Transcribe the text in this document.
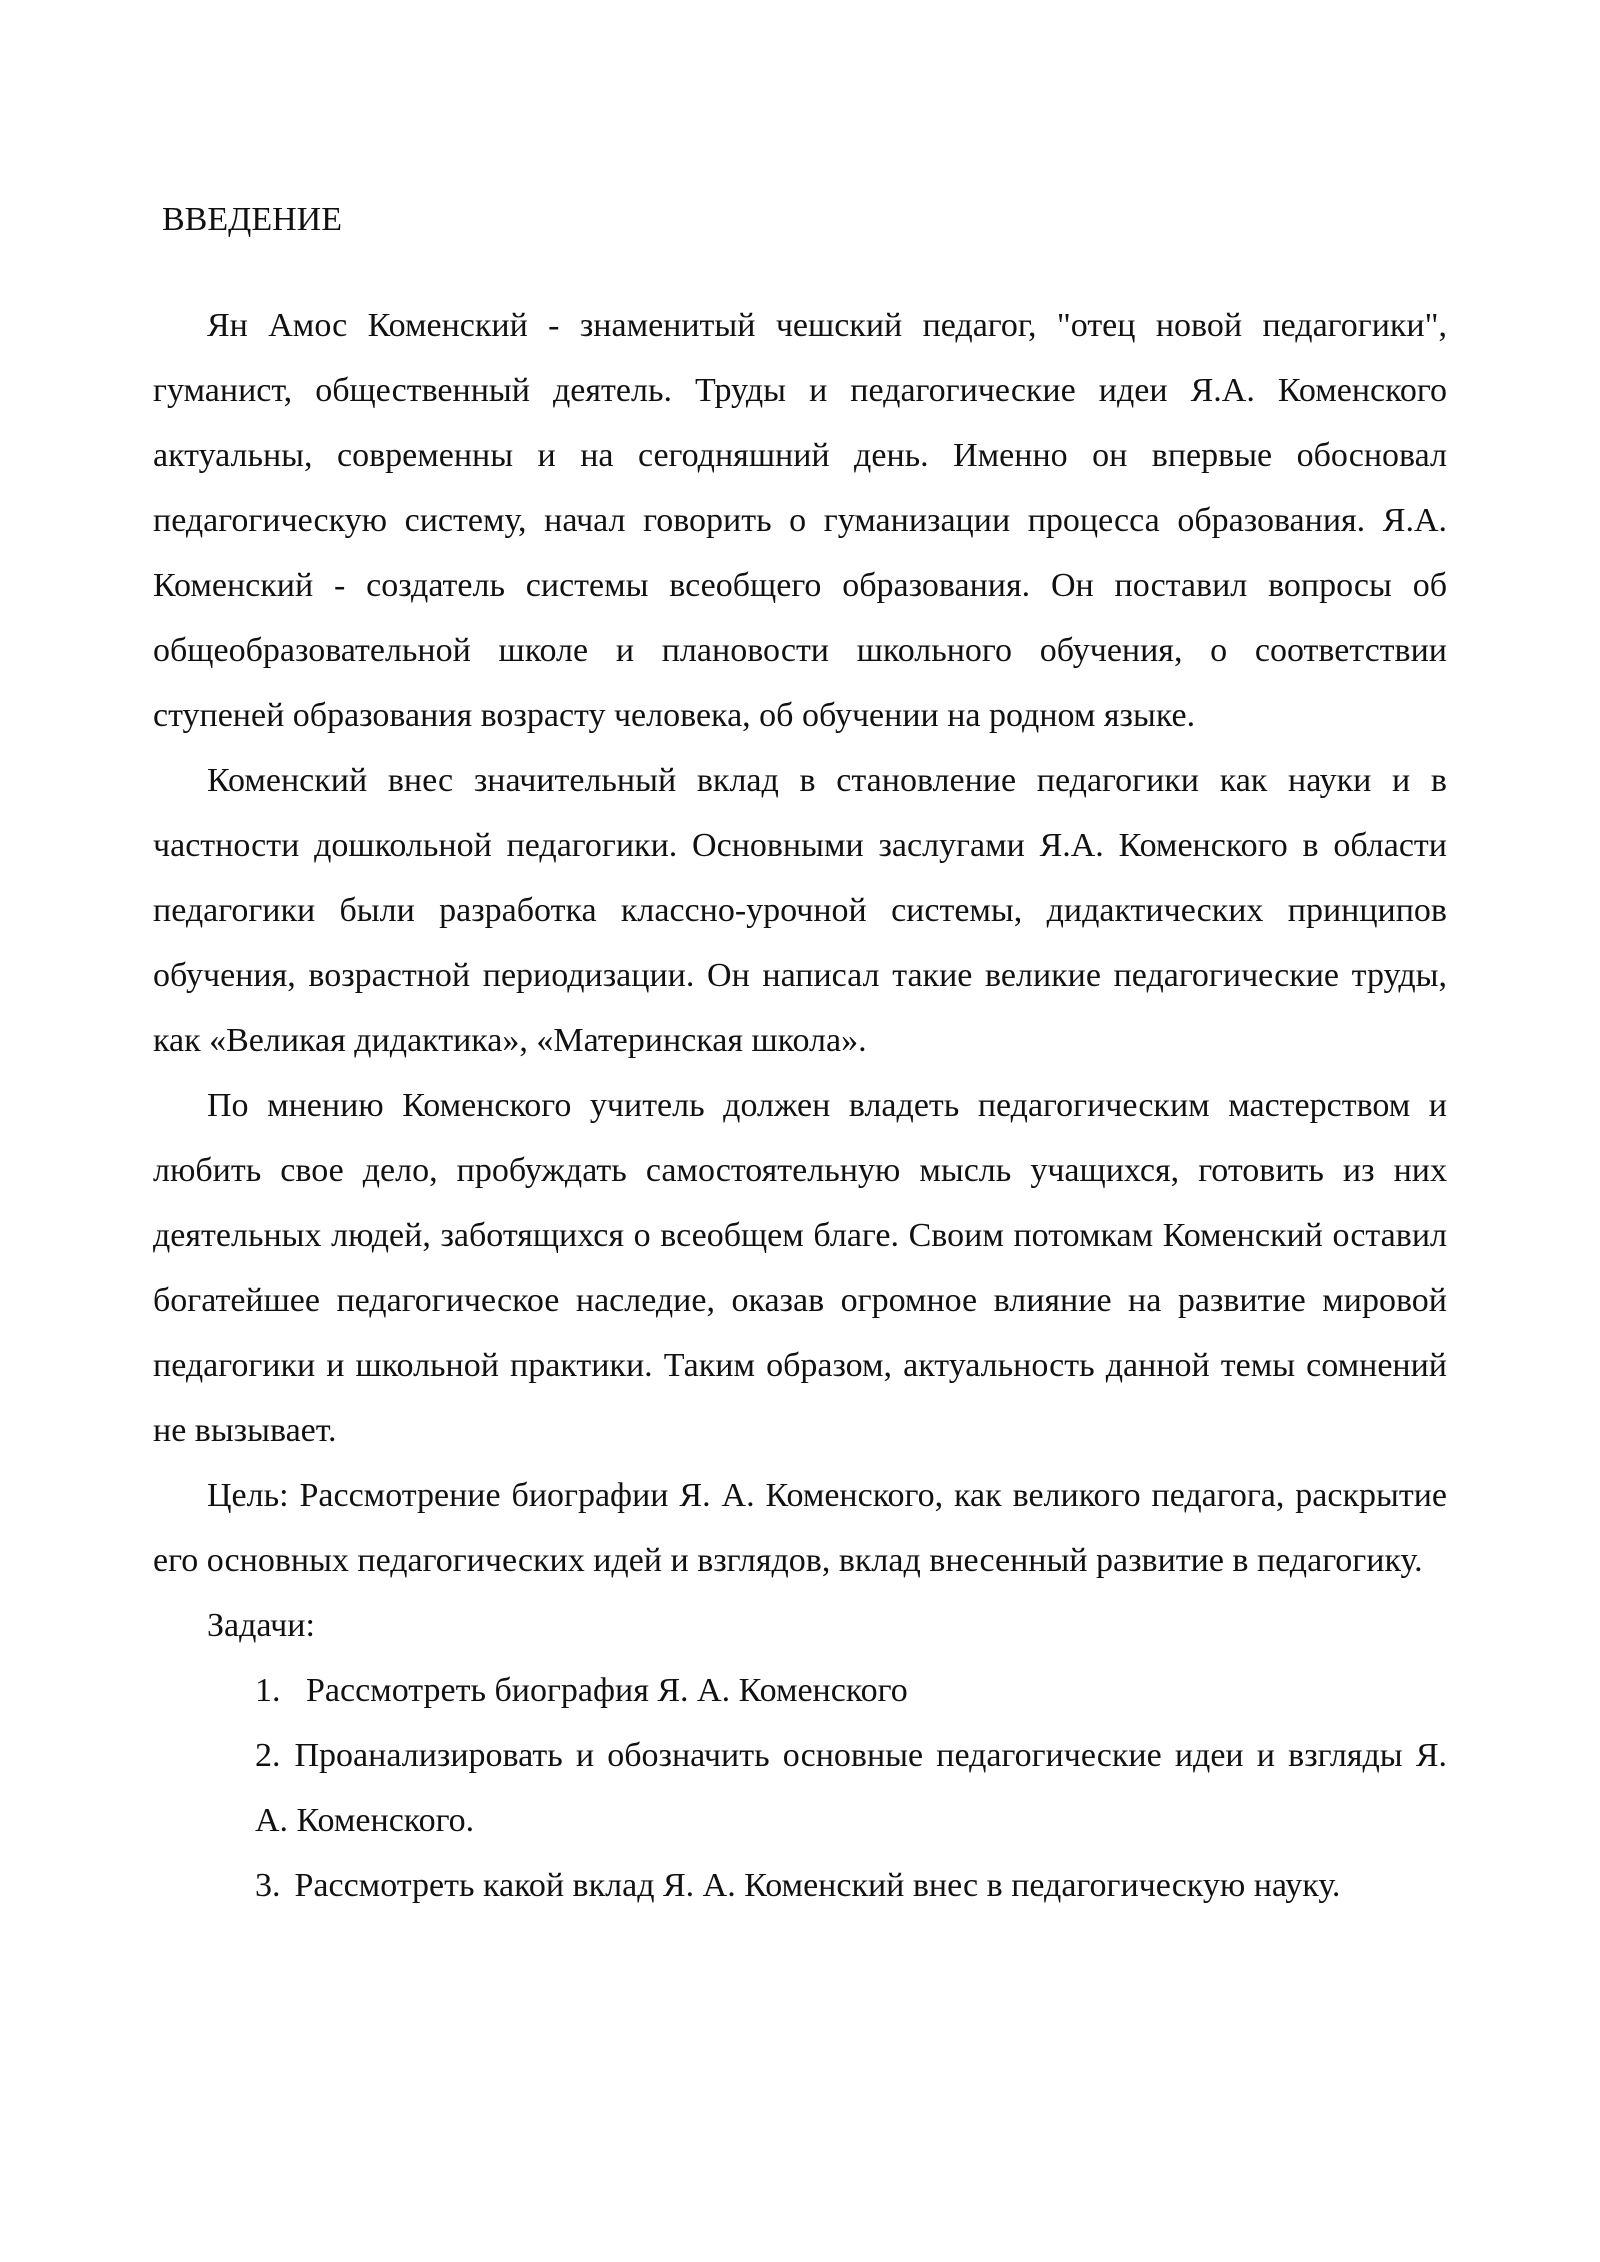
ВВЕДЕНИЕ

Ян Амос Коменский - знаменитый чешский педагог, "отец новой педагогики", гуманист, общественный деятель. Труды и педагогические идеи Я.А. Коменского актуальны, современны и на сегодняшний день. Именно он впервые обосновал педагогическую систему, начал говорить о гуманизации процесса образования. Я.А. Коменский - создатель системы всеобщего образования. Он поставил вопросы об общеобразовательной школе и плановости школьного обучения, о соответствии ступеней образования возрасту человека, об обучении на родном языке.

Коменский внес значительный вклад в становление педагогики как науки и в частности дошкольной педагогики. Основными заслугами Я.А. Коменского в области педагогики были разработка классно-урочной системы, дидактических принципов обучения, возрастной периодизации. Он написал такие великие педагогические труды, как «Великая дидактика», «Материнская школа».

По мнению Коменского учитель должен владеть педагогическим мастерством и любить свое дело, пробуждать самостоятельную мысль учащихся, готовить из них деятельных людей, заботящихся о всеобщем благе. Своим потомкам Коменский оставил богатейшее педагогическое наследие, оказав огромное влияние на развитие мировой педагогики и школьной практики. Таким образом, актуальность данной темы сомнений не вызывает.

Цель: Рассмотрение биографии Я. А. Коменского, как великого педагога, раскрытие его основных педагогических идей и взглядов, вклад внесенный развитие в педагогику.

Задачи:

1. Рассмотреть биография Я. А. Коменского
2. Проанализировать и обозначить основные педагогические идеи и взгляды Я. А. Коменского.
3. Рассмотреть какой вклад Я. А. Коменский внес в педагогическую науку.
